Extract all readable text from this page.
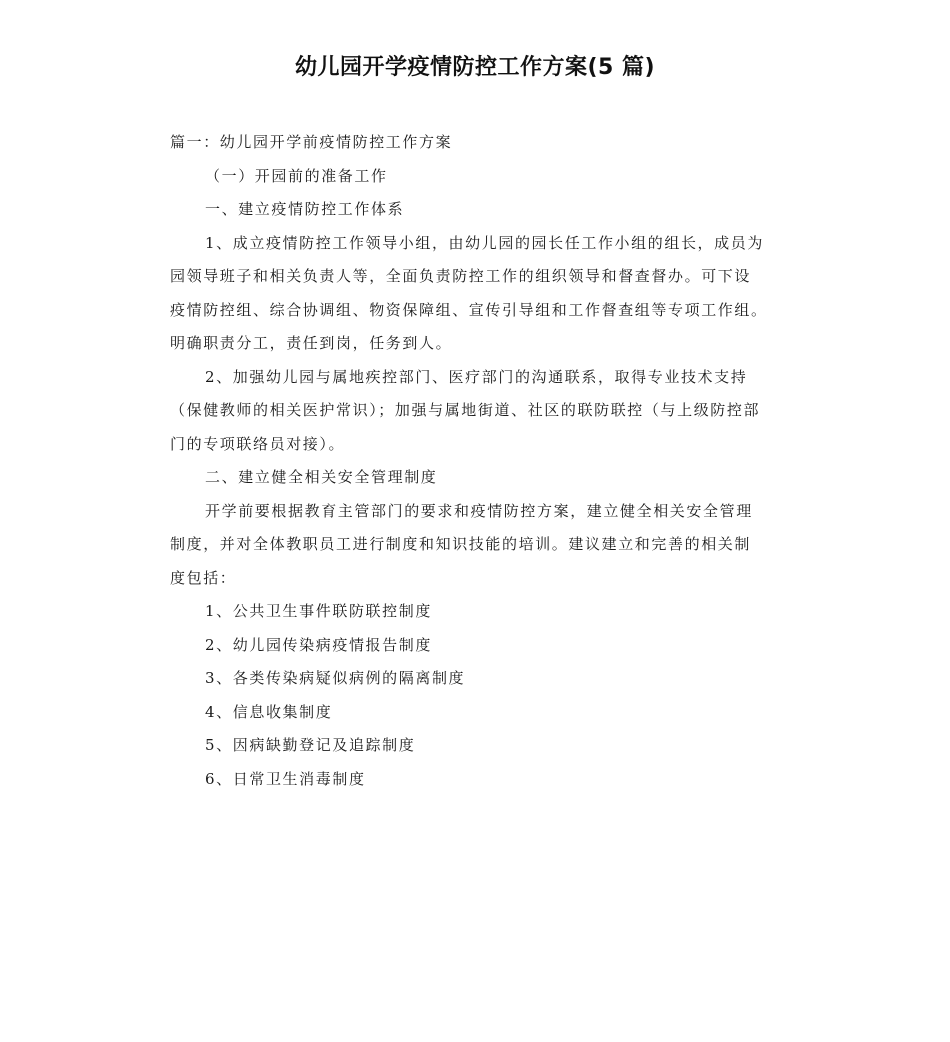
幼儿园开学疫情防控工作方案(5 篇)

篇一：幼儿园开学前疫情防控工作方案

（一）开园前的准备工作

一、建立疫情防控工作体系

1、成立疫情防控工作领导小组，由幼儿园的园长任工作小组的组长，成员为

园领导班子和相关负责人等，全面负责防控工作的组织领导和督查督办。可下设

疫情防控组、综合协调组、物资保障组、宣传引导组和工作督查组等专项工作组。

明确职责分工，责任到岗，任务到人。

2、加强幼儿园与属地疾控部门、医疗部门的沟通联系，取得专业技术支持

（保健教师的相关医护常识）；加强与属地街道、社区的联防联控（与上级防控部

门的专项联络员对接）。

二、建立健全相关安全管理制度

开学前要根据教育主管部门的要求和疫情防控方案，建立健全相关安全管理

制度，并对全体教职员工进行制度和知识技能的培训。建议建立和完善的相关制

度包括：

1、公共卫生事件联防联控制度

2、幼儿园传染病疫情报告制度

3、各类传染病疑似病例的隔离制度

4、信息收集制度

5、因病缺勤登记及追踪制度

6、日常卫生消毒制度
